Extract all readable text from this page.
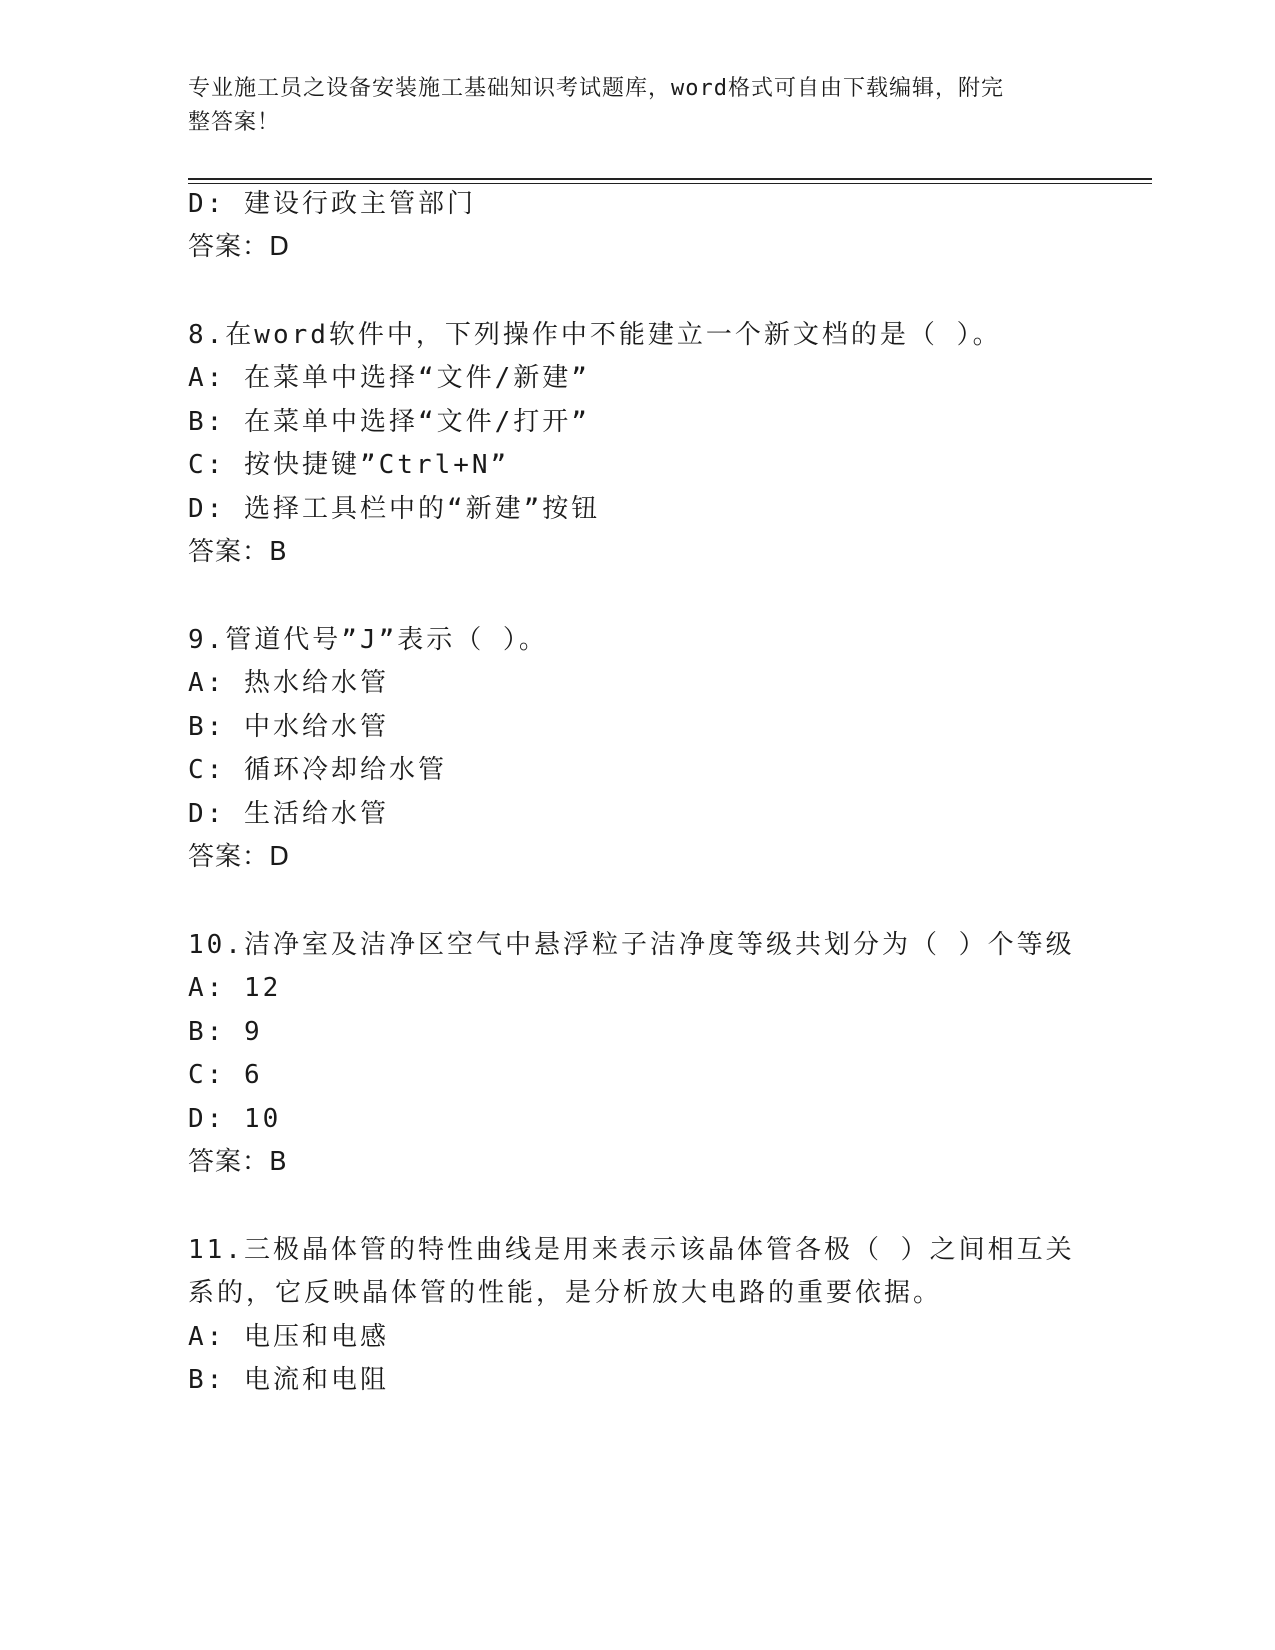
专业施工员之设备安装施工基础知识考试题库，word格式可自由下载编辑，附完
整答案！
D: 建设行政主管部门
答案：D
8.在word软件中，下列操作中不能建立一个新文档的是（ ）。
A: 在菜单中选择“文件/新建”
B: 在菜单中选择“文件/打开”
C: 按快捷键”Ctrl+N”
D: 选择工具栏中的“新建”按钮
答案：B
9.管道代号”J”表示（ ）。
A: 热水给水管
B: 中水给水管
C: 循环冷却给水管
D: 生活给水管
答案：D
10.洁净室及洁净区空气中悬浮粒子洁净度等级共划分为（ ）个等级
A: 12
B: 9
C: 6
D: 10
答案：B
11.三极晶体管的特性曲线是用来表示该晶体管各极（ ）之间相互关
系的，它反映晶体管的性能，是分析放大电路的重要依据。
A: 电压和电感
B: 电流和电阻
